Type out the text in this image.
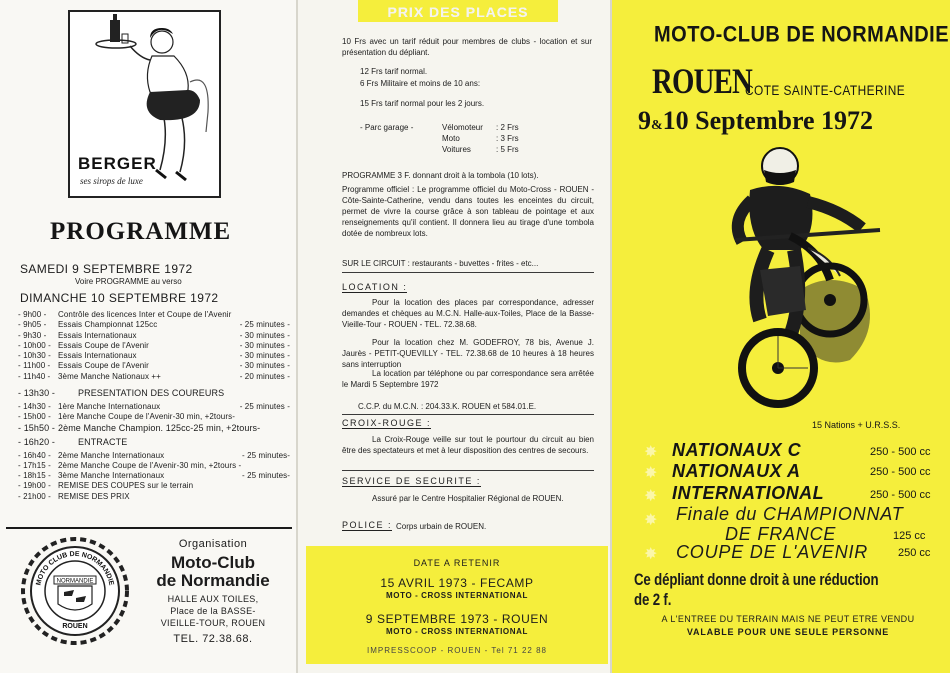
BERGER
ses sirops de luxe
PROGRAMME
SAMEDI 9 SEPTEMBRE 1972
Voire PROGRAMME au verso
DIMANCHE 10 SEPTEMBRE 1972
- 9h00 -	Contrôle des licences Inter et Coupe de l'Avenir
- 9h05 -	Essais Championnat 125cc	- 25 minutes -
- 9h30 -	Essais Internationaux	- 30 minutes -
- 10h00 - Essais Coupe de l'Avenir	- 30 minutes -
- 10h30 - Essais Internationaux	- 30 minutes -
- 11h00 - Essais Coupe de l'Avenir	- 30 minutes -
- 11h40 - 3ème Manche Nationaux ++	- 20 minutes -
- 13h30 -	PRESENTATION DES COUREURS
- 14h30 - 1ère Manche Internationaux	- 25 minutes -
- 15h00 - 1ère Manche Coupe de l'Avenir-30 min, +2tours-
- 15h50 - 2ème Manche Champion. 125cc-25 min, +2tours-
- 16h20 -	ENTRACTE
- 16h40 - 2ème Manche Internationaux	- 25 minutes-
- 17h15 - 2ème Manche Coupe de l'Avenir-30 min, +2tours -
- 18h15 - 3ème Manche Internationaux	- 25 minutes-
- 19h00 - REMISE DES COUPES sur le terrain
- 21h00 - REMISE DES PRIX
MOTO CLUB DE NORMANDIE
NORMANDIE
ROUEN
Organisation
Moto-Club
de Normandie
HALLE AUX TOILES,
Place de la BASSE-
VIEILLE-TOUR, ROUEN
TEL. 72.38.68.
PRIX DES PLACES
10 Frs avec un tarif réduit pour membres de clubs - location et sur présentation du dépliant.
12 Frs tarif normal.
6 Frs Militaire et moins de 10 ans:
15 Frs tarif normal pour les 2 jours.
- Parc garage -	Vélomoteur	: 2 Frs
Moto	: 3 Frs
Voitures	: 5 Frs
PROGRAMME 3 F. donnant droit à la tombola (10 lots).
Programme officiel : Le programme officiel du Moto-Cross - ROUEN - Côte-Sainte-Catherine, vendu dans toutes les enceintes du circuit, permet de vivre la course grâce à son tableau de pointage et aux renseignements qu'il contient. Il donnera lieu au tirage d'une tombola dotée de nombreux lots.
SUR LE CIRCUIT : restaurants - buvettes - frites - etc...
LOCATION :
Pour la location des places par correspondance, adresser demandes et chèques au M.C.N. Halle-aux-Toiles, Place de la Basse-Vieille-Tour - ROUEN - TEL. 72.38.68.
Pour la location chez M. GODEFROY, 78 bis, Avenue J. Jaurès - PETIT-QUEVILLY - TEL. 72.38.68 de 10 heures à 18 heures sans interruption
La location par téléphone ou par correspondance sera arrêtée le Mardi 5 Septembre 1972
C.C.P. du M.C.N. : 204.33.K. ROUEN et 584.01.E.
CROIX-ROUGE :
La Croix-Rouge veille sur tout le pourtour du circuit au bien être des spectateurs et met à leur disposition des centres de secours.
SERVICE DE SECURITE :
Assuré par le Centre Hospitalier Régional de ROUEN.
POLICE : Corps urbain de ROUEN.
DATE A RETENIR
15 AVRIL 1973 - FECAMP
MOTO - CROSS INTERNATIONAL
9 SEPTEMBRE 1973 - ROUEN
MOTO - CROSS INTERNATIONAL
IMPRESSCOOP - ROUEN - Tel 71 22 88
MOTO-CLUB DE NORMANDIE
ROUEN
COTE SAINTE-CATHERINE
9&10 Septembre 1972
15 Nations + U.R.S.S.
✸ NATIONAUX C	250 - 500 cc
✸ NATIONAUX A	250 - 500 cc
✸ INTERNATIONAL	250 - 500 cc
✸ Finale du CHAMPIONNAT
DE FRANCE	125 cc
✸ COUPE DE L'AVENIR	250 cc
Ce dépliant donne droit à une réduction de 2 f.
A L'ENTREE DU TERRAIN MAIS NE PEUT ETRE VENDU
VALABLE POUR UNE SEULE PERSONNE
